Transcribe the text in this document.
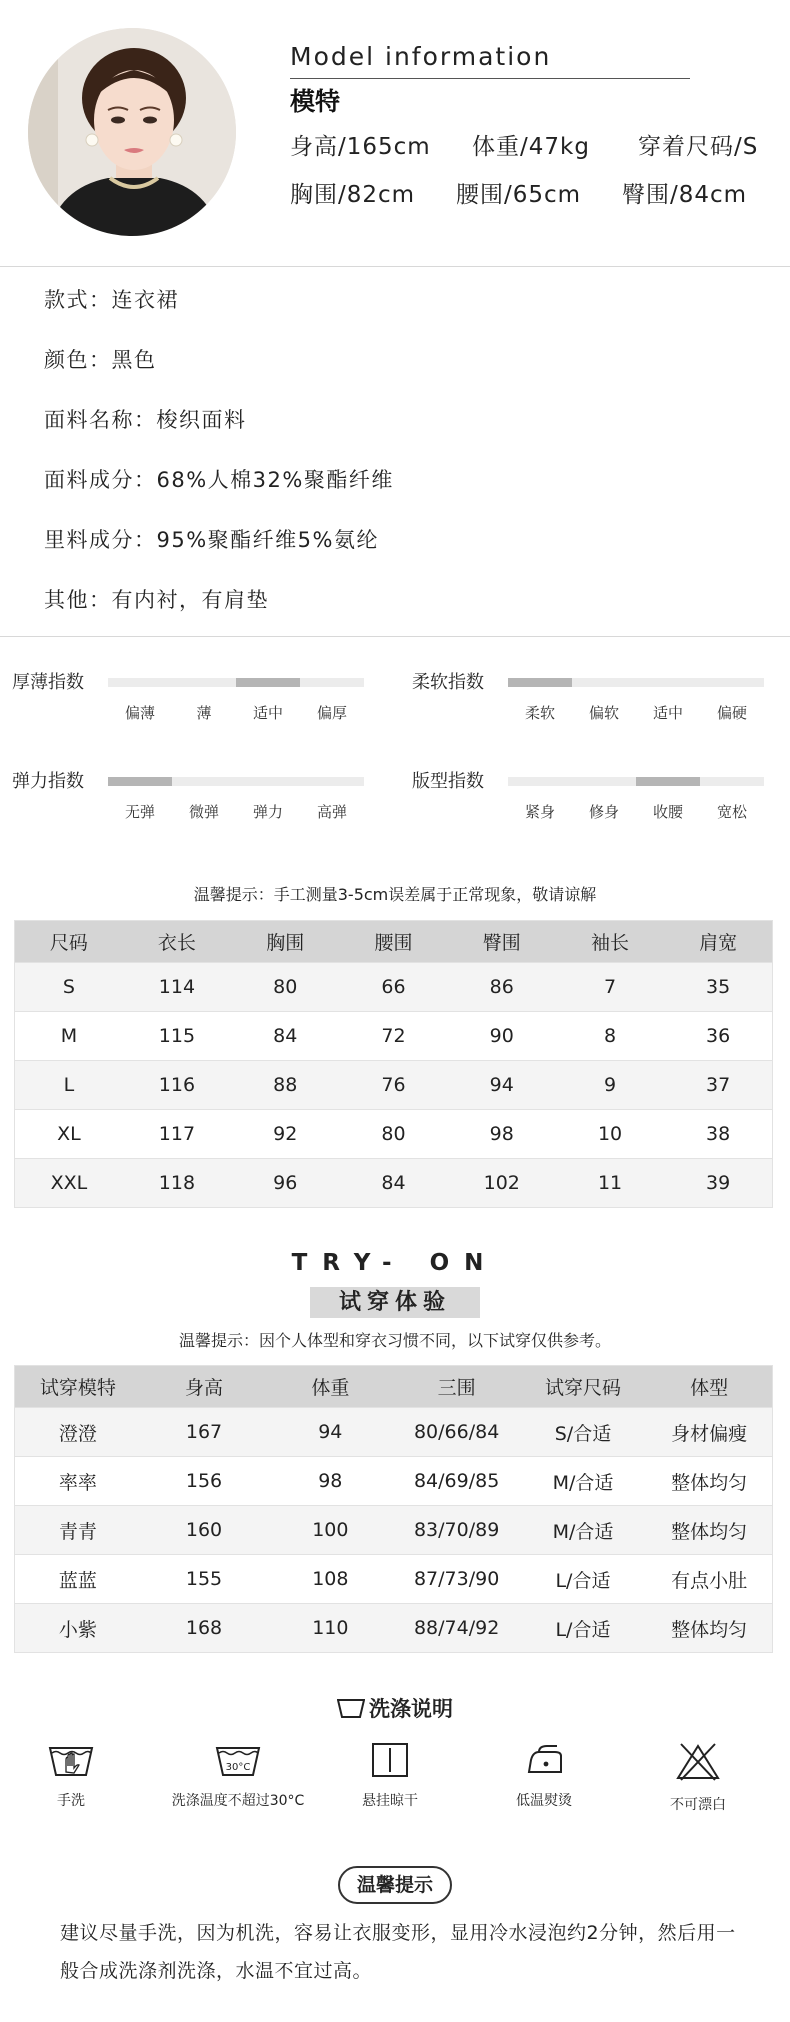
Model information
模特
身高/165cm 体重/47kg 穿着尺码/S
胸围/82cm 腰围/65cm 臀围/84cm
款式：连衣裙
颜色：黑色
面料名称：梭织面料
面料成分：68%人棉32%聚酯纤维
里料成分：95%聚酯纤维5%氨纶
其他：有内衬，有肩垫
厚薄指数
偏薄	薄	适中 偏厚
柔软指数
柔软 偏软 适中 偏硬
弹力指数
无弹 微弹 弹力 高弹
版型指数
紧身 修身 收腰 宽松
温馨提示：手工测量3-5cm误差属于正常现象，敬请谅解
尺码	衣长	胸围	腰围	臀围	袖长	肩宽
S	114	80	66	86	7	35
M	115	84	72	90	8	36
L	116	88	76	94	9	37
XL	117	92	80	98	10	38
XXL	118	96	84	102	11	39
TRY- ON
试穿体验
温馨提示：因个人体型和穿衣习惯不同，以下试穿仅供参考。
试穿模特	身高	体重	三围	试穿尺码	体型
澄澄	167	94	80/66/84	S/合适	身材偏瘦
率率	156	98	84/69/85	M/合适	整体均匀
青青	160	100	83/70/89	M/合适	整体均匀
蓝蓝	155	108	87/73/90	L/合适	有点小肚
小紫	168	110	88/74/92	L/合适	整体均匀
洗涤说明
手洗
30°C
洗涤温度不超过30°C	悬挂晾干	低温熨烫	不可漂白
温馨提示
建议尽量手洗，因为机洗，容易让衣服变形，显用冷水浸泡约2分钟，然后用一般合成洗涤剂洗涤，水温不宜过高。
